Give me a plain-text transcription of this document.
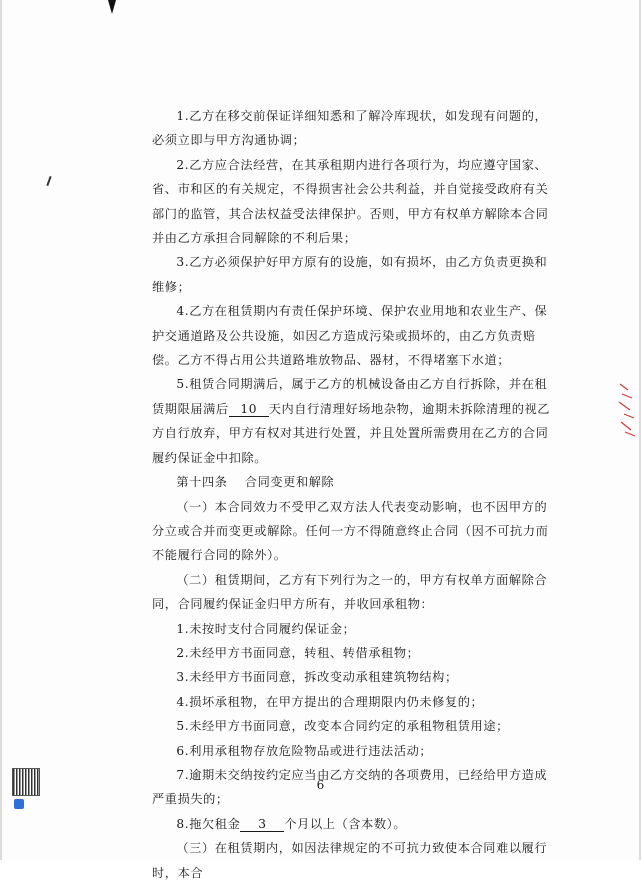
1.乙方在移交前保证详细知悉和了解冷库现状，如发现有问题的，必须立即与甲方沟通协调；

2.乙方应合法经营，在其承租期内进行各项行为，均应遵守国家、省、市和区的有关规定，不得损害社会公共利益，并自觉接受政府有关部门的监管，其合法权益受法律保护。否则，甲方有权单方解除本合同并由乙方承担合同解除的不利后果；

3.乙方必须保护好甲方原有的设施，如有损坏，由乙方负责更换和维修；

4.乙方在租赁期内有责任保护环境、保护农业用地和农业生产、保护交通道路及公共设施，如因乙方造成污染或损坏的，由乙方负责赔偿。乙方不得占用公共道路堆放物品、器材，不得堵塞下水道；

5.租赁合同期满后，属于乙方的机械设备由乙方自行拆除，并在租赁期限届满后 10 天内自行清理好场地杂物，逾期未拆除清理的视乙方自行放弃，甲方有权对其进行处置，并且处置所需费用在乙方的合同履约保证金中扣除。

第十四条　 合同变更和解除

（一）本合同效力不受甲乙双方法人代表变动影响，也不因甲方的分立或合并而变更或解除。任何一方不得随意终止合同（因不可抗力而不能履行合同的除外）。

（二）租赁期间，乙方有下列行为之一的，甲方有权单方面解除合同，合同履约保证金归甲方所有，并收回承租物：

1.未按时支付合同履约保证金；

2.未经甲方书面同意，转租、转借承租物；

3.未经甲方书面同意，拆改变动承租建筑物结构；

4.损坏承租物，在甲方提出的合理期限内仍未修复的；

5.未经甲方书面同意，改变本合同约定的承租物租赁用途；

6.利用承租物存放危险物品或进行违法活动；

7.逾期未交纳按约定应当由乙方交纳的各项费用，已经给甲方造成严重损失的；

8.拖欠租金 3 个月以上（含本数）。

（三）在租赁期内，如因法律规定的不可抗力致使本合同难以履行时，本合

6
